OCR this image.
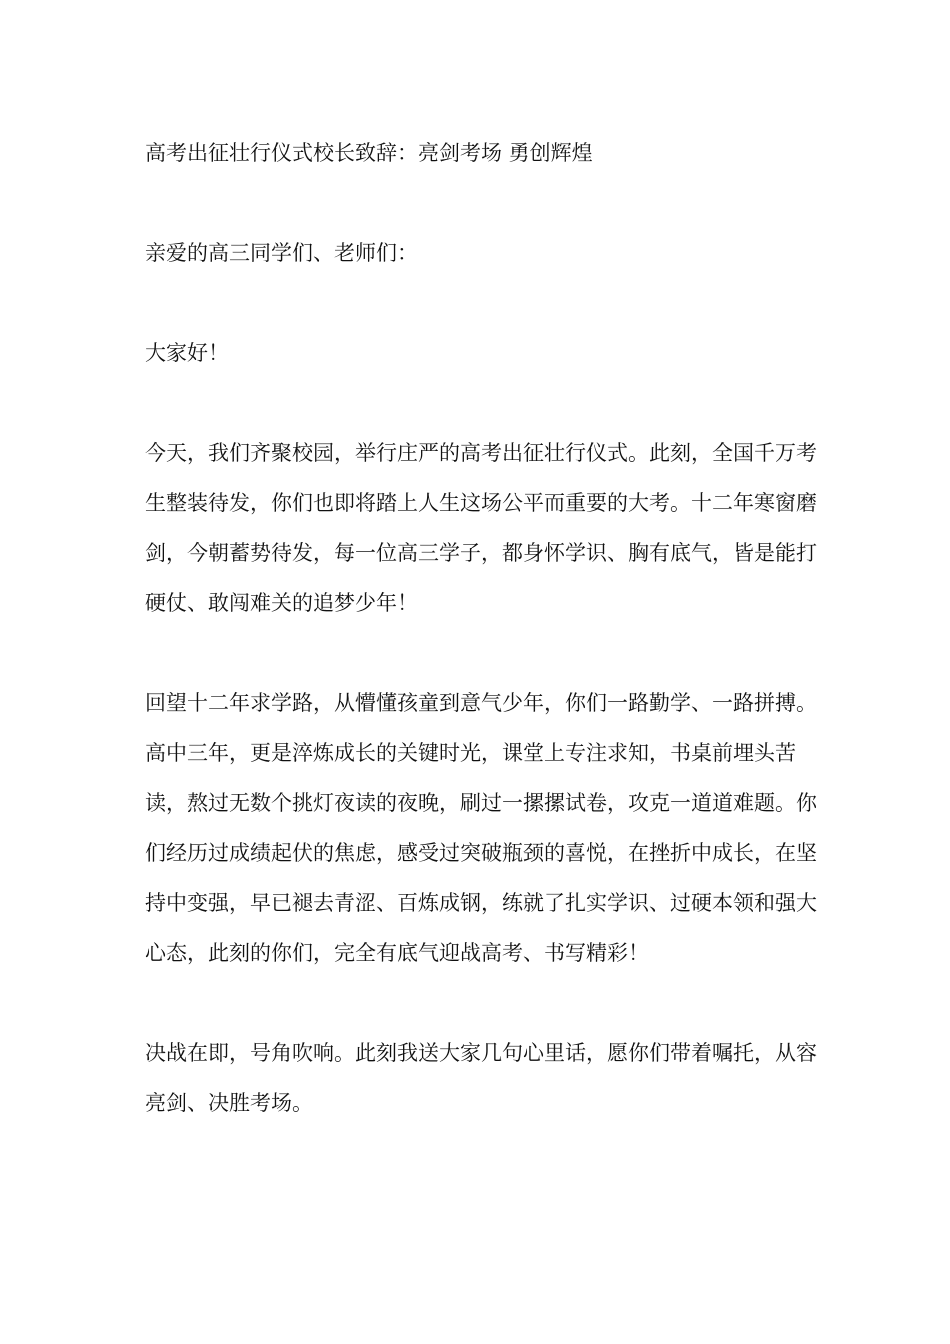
高考出征壮行仪式校长致辞：亮剑考场 勇创辉煌

亲爱的高三同学们、老师们：

大家好！

今天，我们齐聚校园，举行庄严的高考出征壮行仪式。此刻，全国千万考生整装待发，你们也即将踏上人生这场公平而重要的大考。十二年寒窗磨剑，今朝蓄势待发，每一位高三学子，都身怀学识、胸有底气，皆是能打硬仗、敢闯难关的追梦少年！

回望十二年求学路，从懵懂孩童到意气少年，你们一路勤学、一路拼搏。高中三年，更是淬炼成长的关键时光，课堂上专注求知，书桌前埋头苦读，熬过无数个挑灯夜读的夜晚，刷过一摞摞试卷，攻克一道道难题。你们经历过成绩起伏的焦虑，感受过突破瓶颈的喜悦，在挫折中成长，在坚持中变强，早已褪去青涩、百炼成钢，练就了扎实学识、过硬本领和强大心态，此刻的你们，完全有底气迎战高考、书写精彩！

决战在即，号角吹响。此刻我送大家几句心里话，愿你们带着嘱托，从容亮剑、决胜考场。
